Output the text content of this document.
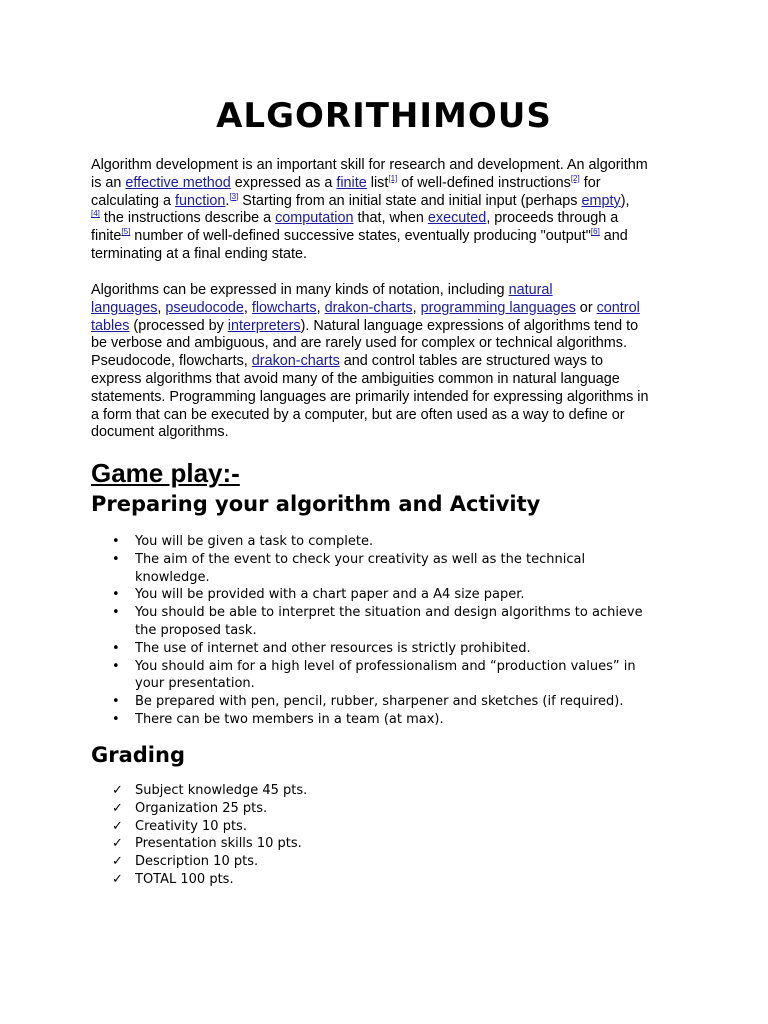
ALGORITHIMOUS
Algorithm development is an important skill for research and development. An algorithm
is an effective method expressed as a finite list[1] of well-defined instructions[2] for
calculating a function.[3] Starting from an initial state and initial input (perhaps empty),
[4] the instructions describe a computation that, when executed, proceeds through a
finite[5] number of well-defined successive states, eventually producing "output"[6] and
terminating at a final ending state.
Algorithms can be expressed in many kinds of notation, including natural
languages, pseudocode, flowcharts, drakon-charts, programming languages or control
tables (processed by interpreters). Natural language expressions of algorithms tend to
be verbose and ambiguous, and are rarely used for complex or technical algorithms.
Pseudocode, flowcharts, drakon-charts and control tables are structured ways to
express algorithms that avoid many of the ambiguities common in natural language
statements. Programming languages are primarily intended for expressing algorithms in
a form that can be executed by a computer, but are often used as a way to define or
document algorithms.
Game play:-
Preparing your algorithm and Activity
• You will be given a task to complete.
• The aim of the event to check your creativity as well as the technical
knowledge.
• You will be provided with a chart paper and a A4 size paper.
• You should be able to interpret the situation and design algorithms to achieve
the proposed task.
• The use of internet and other resources is strictly prohibited.
• You should aim for a high level of professionalism and “production values” in
your presentation.
• Be prepared with pen, pencil, rubber, sharpener and sketches (if required).
• There can be two members in a team (at max).
Grading
✓ Subject knowledge 45 pts.
✓ Organization 25 pts.
✓ Creativity 10 pts.
✓ Presentation skills 10 pts.
✓ Description 10 pts.
✓ TOTAL 100 pts.
